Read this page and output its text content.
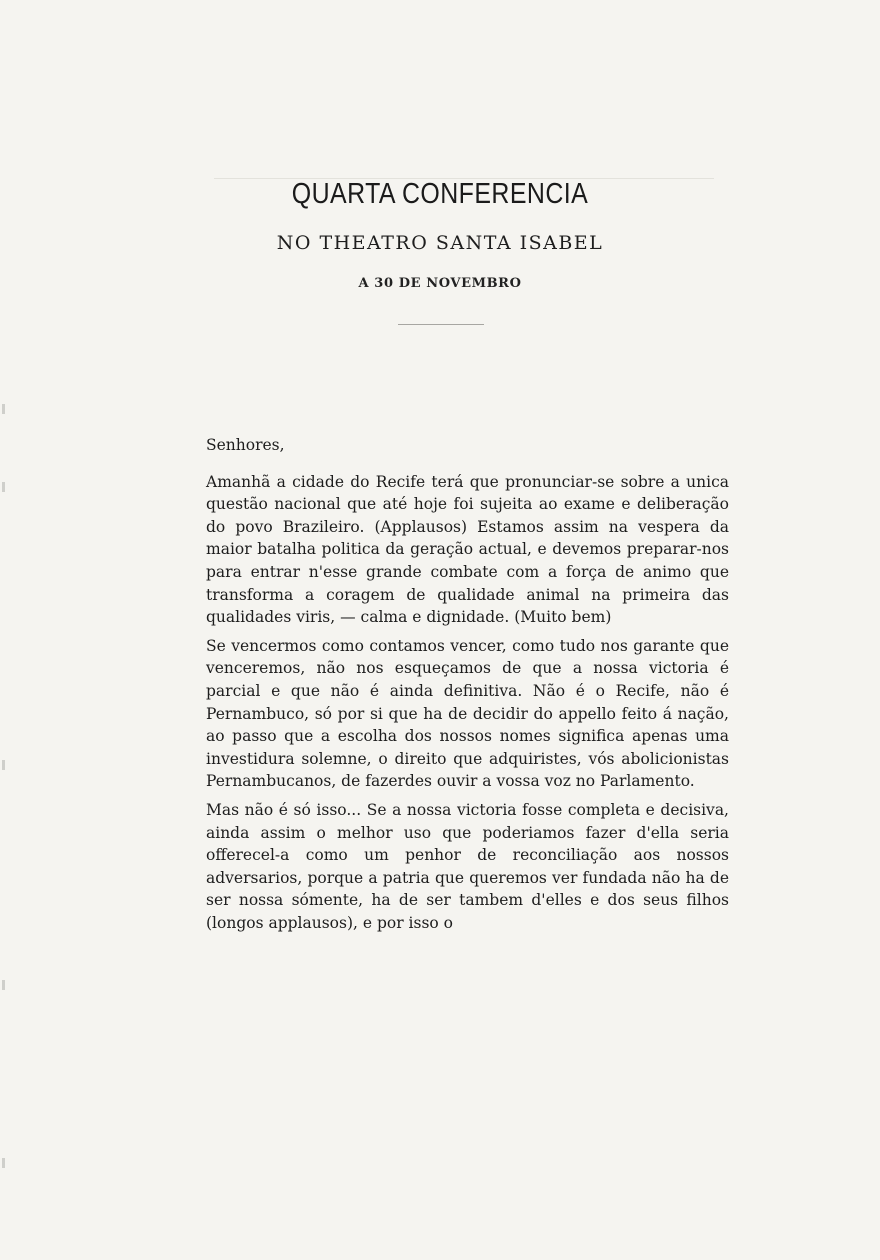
QUARTA CONFERENCIA
NO THEATRO SANTA ISABEL
A 30 DE NOVEMBRO

Senhores,

Amanhã a cidade do Recife terá que pronunciar-se sobre a unica questão nacional que até hoje foi sujeita ao exame e deliberação do povo Brazileiro. (Applausos) Estamos assim na vespera da maior batalha politica da geração actual, e devemos preparar-nos para entrar n'esse grande combate com a força de animo que transforma a coragem de qualidade animal na primeira das qualidades viris, — calma e dignidade. (Muito bem)

Se vencermos como contamos vencer, como tudo nos garante que venceremos, não nos esqueçamos de que a nossa victoria é parcial e que não é ainda definitiva. Não é o Recife, não é Pernambuco, só por si que ha de decidir do appello feito á nação, ao passo que a escolha dos nossos nomes significa apenas uma investidura solemne, o direito que adquiristes, vós abolicionistas Pernambucanos, de fazerdes ouvir a vossa voz no Parlamento.

Mas não é só isso... Se a nossa victoria fosse completa e decisiva, ainda assim o melhor uso que poderiamos fazer d'ella seria offerecel-a como um penhor de reconciliação aos nossos adversarios, porque a patria que queremos ver fundada não ha de ser nossa sómente, ha de ser tambem d'elles e dos seus filhos (longos applausos), e por isso o
